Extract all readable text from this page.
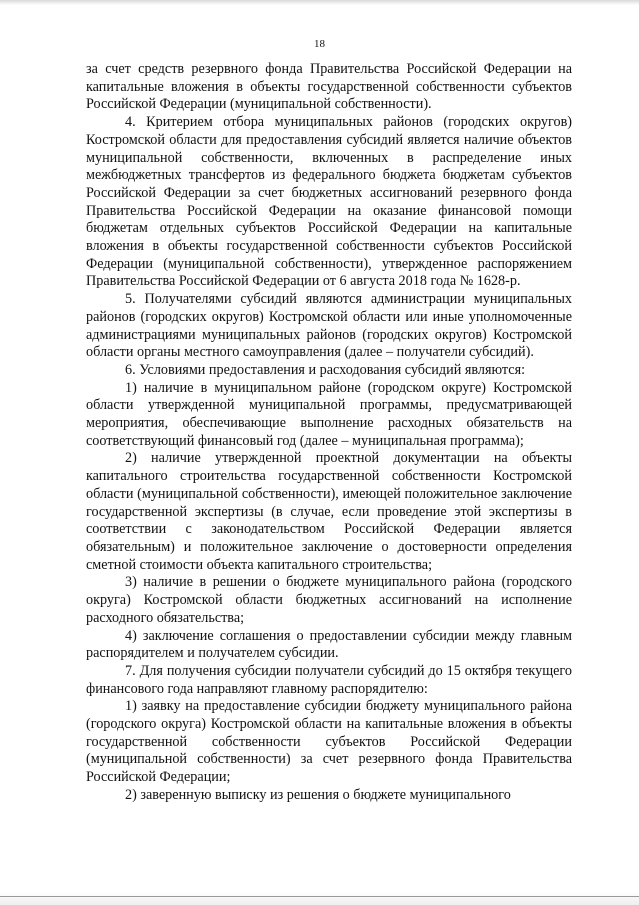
18

за счет средств резервного фонда Правительства Российской Федерации на капитальные вложения в объекты государственной собственности субъектов Российской Федерации (муниципальной собственности).

4. Критерием отбора муниципальных районов (городских округов) Костромской области для предоставления субсидий является наличие объектов муниципальной собственности, включенных в распределение иных межбюджетных трансфертов из федерального бюджета бюджетам субъектов Российской Федерации за счет бюджетных ассигнований резервного фонда Правительства Российской Федерации на оказание финансовой помощи бюджетам отдельных субъектов Российской Федерации на капитальные вложения в объекты государственной собственности субъектов Российской Федерации (муниципальной собственности), утвержденное распоряжением Правительства Российской Федерации от 6 августа 2018 года № 1628-р.

5. Получателями субсидий являются администрации муниципальных районов (городских округов) Костромской области или иные уполномоченные администрациями муниципальных районов (городских округов) Костромской области органы местного самоуправления (далее – получатели субсидий).

6. Условиями предоставления и расходования субсидий являются:

1) наличие в муниципальном районе (городском округе) Костромской области утвержденной муниципальной программы, предусматривающей мероприятия, обеспечивающие выполнение расходных обязательств на соответствующий финансовый год (далее – муниципальная программа);

2) наличие утвержденной проектной документации на объекты капитального строительства государственной собственности Костромской области (муниципальной собственности), имеющей положительное заключение государственной экспертизы (в случае, если проведение этой экспертизы в соответствии с законодательством Российской Федерации является обязательным) и положительное заключение о достоверности определения сметной стоимости объекта капитального строительства;

3) наличие в решении о бюджете муниципального района (городского округа) Костромской области бюджетных ассигнований на исполнение расходного обязательства;

4) заключение соглашения о предоставлении субсидии между главным распорядителем и получателем субсидии.

7. Для получения субсидии получатели субсидий до 15 октября текущего финансового года направляют главному распорядителю:

1) заявку на предоставление субсидии бюджету муниципального района (городского округа) Костромской области на капитальные вложения в объекты государственной собственности субъектов Российской Федерации (муниципальной собственности) за счет резервного фонда Правительства Российской Федерации;

2) заверенную выписку из решения о бюджете муниципального
